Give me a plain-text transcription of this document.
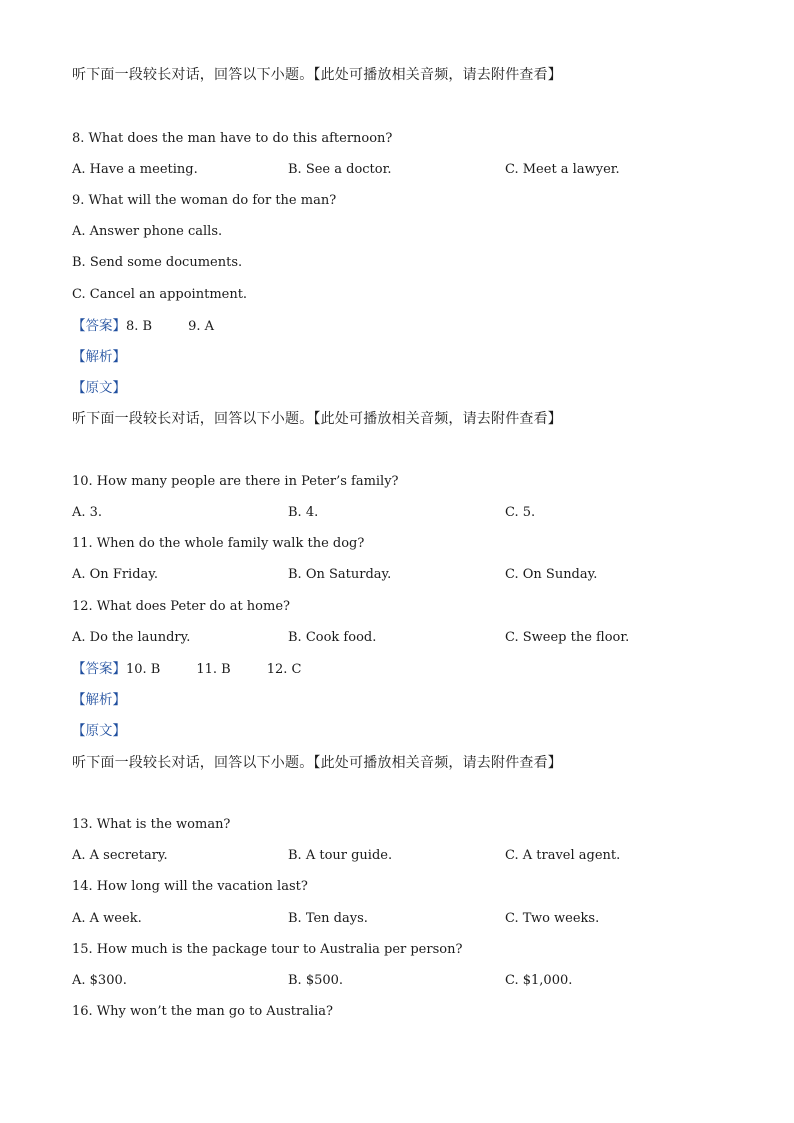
听下面一段较长对话，回答以下小题。【此处可播放相关音频，请去附件查看】
8. What does the man have to do this afternoon?
A. Have a meeting.	B. See a doctor.	C. Meet a lawyer.
9. What will the woman do for the man?
A. Answer phone calls.
B. Send some documents.
C. Cancel an appointment.
【答案】8. B	9. A
【解析】
【原文】
听下面一段较长对话，回答以下小题。【此处可播放相关音频，请去附件查看】
10. How many people are there in Peter’s family?
A. 3.	B. 4.	C. 5.
11. When do the whole family walk the dog?
A. On Friday.	B. On Saturday.	C. On Sunday.
12. What does Peter do at home?
A. Do the laundry.	B. Cook food.	C. Sweep the floor.
【答案】10. B	11. B	12. C
【解析】
【原文】
听下面一段较长对话，回答以下小题。【此处可播放相关音频，请去附件查看】
13. What is the woman?
A. A secretary.	B. A tour guide.	C. A travel agent.
14. How long will the vacation last?
A. A week.	B. Ten days.	C. Two weeks.
15. How much is the package tour to Australia per person?
A. $300.	B. $500.	C. $1,000.
16. Why won’t the man go to Australia?
